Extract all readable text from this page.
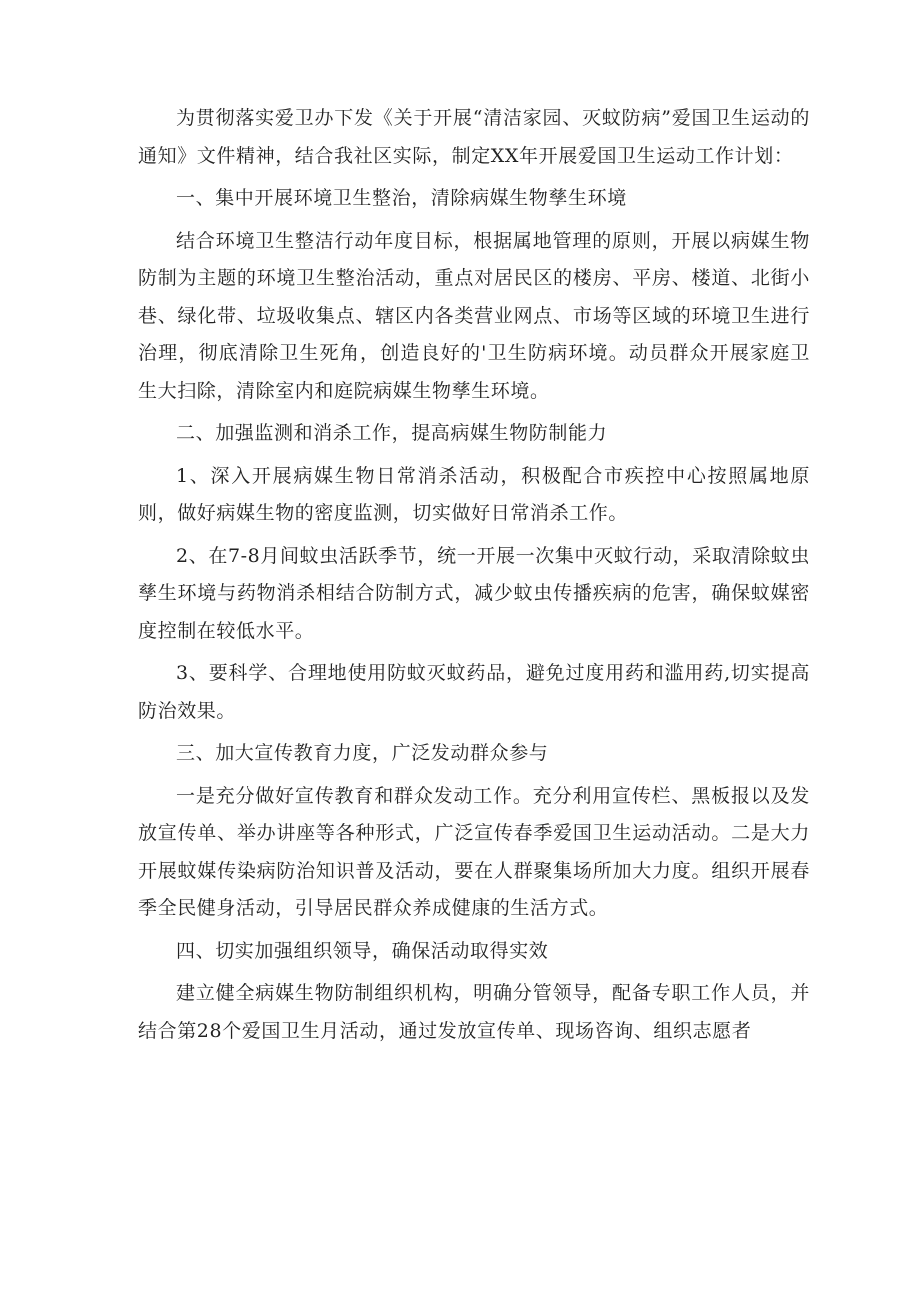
为贯彻落实爱卫办下发《关于开展“清洁家园、灭蚊防病”爱国卫生运动的通知》文件精神，结合我社区实际，制定XX年开展爱国卫生运动工作计划：

一、集中开展环境卫生整治，清除病媒生物孳生环境

结合环境卫生整洁行动年度目标，根据属地管理的原则，开展以病媒生物防制为主题的环境卫生整治活动，重点对居民区的楼房、平房、楼道、北街小巷、绿化带、垃圾收集点、辖区内各类营业网点、市场等区域的环境卫生进行治理，彻底清除卫生死角，创造良好的'卫生防病环境。动员群众开展家庭卫生大扫除，清除室内和庭院病媒生物孳生环境。

二、加强监测和消杀工作，提高病媒生物防制能力

1、深入开展病媒生物日常消杀活动，积极配合市疾控中心按照属地原则，做好病媒生物的密度监测，切实做好日常消杀工作。

2、在7-8月间蚊虫活跃季节，统一开展一次集中灭蚊行动，采取清除蚊虫孳生环境与药物消杀相结合防制方式，减少蚊虫传播疾病的危害，确保蚊媒密度控制在较低水平。

3、要科学、合理地使用防蚊灭蚊药品，避免过度用药和滥用药,切实提高防治效果。

三、加大宣传教育力度，广泛发动群众参与

一是充分做好宣传教育和群众发动工作。充分利用宣传栏、黑板报以及发放宣传单、举办讲座等各种形式，广泛宣传春季爱国卫生运动活动。二是大力开展蚊媒传染病防治知识普及活动，要在人群聚集场所加大力度。组织开展春季全民健身活动，引导居民群众养成健康的生活方式。

四、切实加强组织领导，确保活动取得实效

建立健全病媒生物防制组织机构，明确分管领导，配备专职工作人员，并结合第28个爱国卫生月活动，通过发放宣传单、现场咨询、组织志愿者
